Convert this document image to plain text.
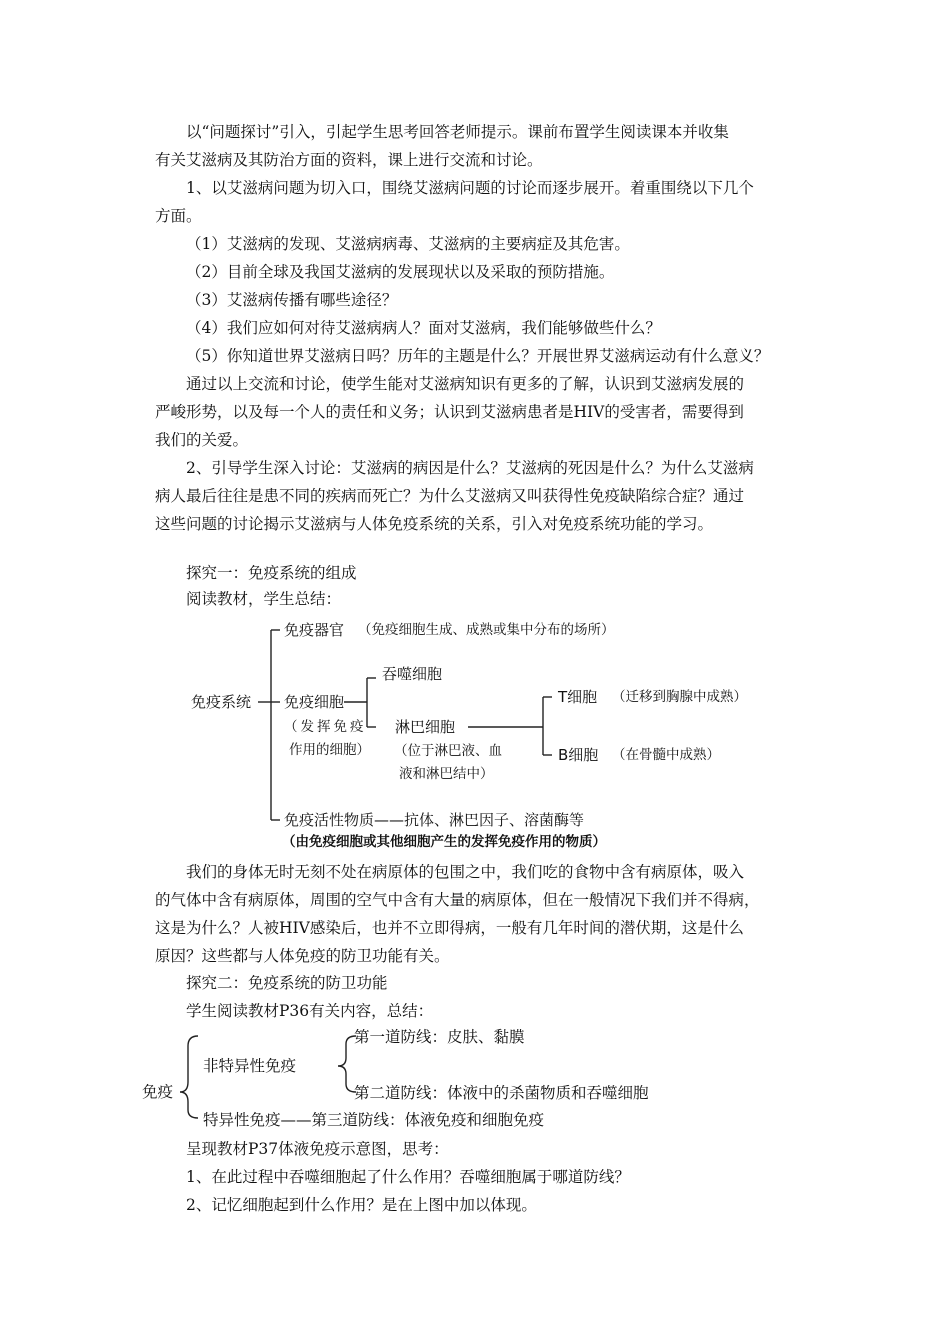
以“问题探讨”引入，引起学生思考回答老师提示。课前布置学生阅读课本并收集
有关艾滋病及其防治方面的资料，课上进行交流和讨论。
1、以艾滋病问题为切入口，围绕艾滋病问题的讨论而逐步展开。着重围绕以下几个
方面。
（1）艾滋病的发现、艾滋病病毒、艾滋病的主要病症及其危害。
（2）目前全球及我国艾滋病的发展现状以及采取的预防措施。
（3）艾滋病传播有哪些途径？
（4）我们应如何对待艾滋病病人？面对艾滋病，我们能够做些什么？
（5）你知道世界艾滋病日吗？历年的主题是什么？开展世界艾滋病运动有什么意义？
通过以上交流和讨论，使学生能对艾滋病知识有更多的了解，认识到艾滋病发展的
严峻形势，以及每一个人的责任和义务；认识到艾滋病患者是HIV的受害者，需要得到
我们的关爱。
2、引导学生深入讨论：艾滋病的病因是什么？艾滋病的死因是什么？为什么艾滋病
病人最后往往是患不同的疾病而死亡？为什么艾滋病又叫获得性免疫缺陷综合症？通过
这些问题的讨论揭示艾滋病与人体免疫系统的关系，引入对免疫系统功能的学习。
探究一：免疫系统的组成
阅读教材，学生总结：
免疫系统
免疫器官 （免疫细胞生成、成熟或集中分布的场所）
免疫细胞
（发挥免疫
作用的细胞）
吞噬细胞
淋巴细胞
（位于淋巴液、血
液和淋巴结中）
T细胞 （迁移到胸腺中成熟）
B细胞 （在骨髓中成熟）
免疫活性物质——抗体、淋巴因子、溶菌酶等
（由免疫细胞或其他细胞产生的发挥免疫作用的物质）
我们的身体无时无刻不处在病原体的包围之中，我们吃的食物中含有病原体，吸入
的气体中含有病原体，周围的空气中含有大量的病原体，但在一般情况下我们并不得病，
这是为什么？人被HIV感染后，也并不立即得病，一般有几年时间的潜伏期，这是什么
原因？这些都与人体免疫的防卫功能有关。
探究二：免疫系统的防卫功能
学生阅读教材P36有关内容，总结：
免疫
非特异性免疫
第一道防线：皮肤、黏膜
第二道防线：体液中的杀菌物质和吞噬细胞
特异性免疫——第三道防线：体液免疫和细胞免疫
呈现教材P37体液免疫示意图，思考：
1、在此过程中吞噬细胞起了什么作用？吞噬细胞属于哪道防线？
2、记忆细胞起到什么作用？是在上图中加以体现。
